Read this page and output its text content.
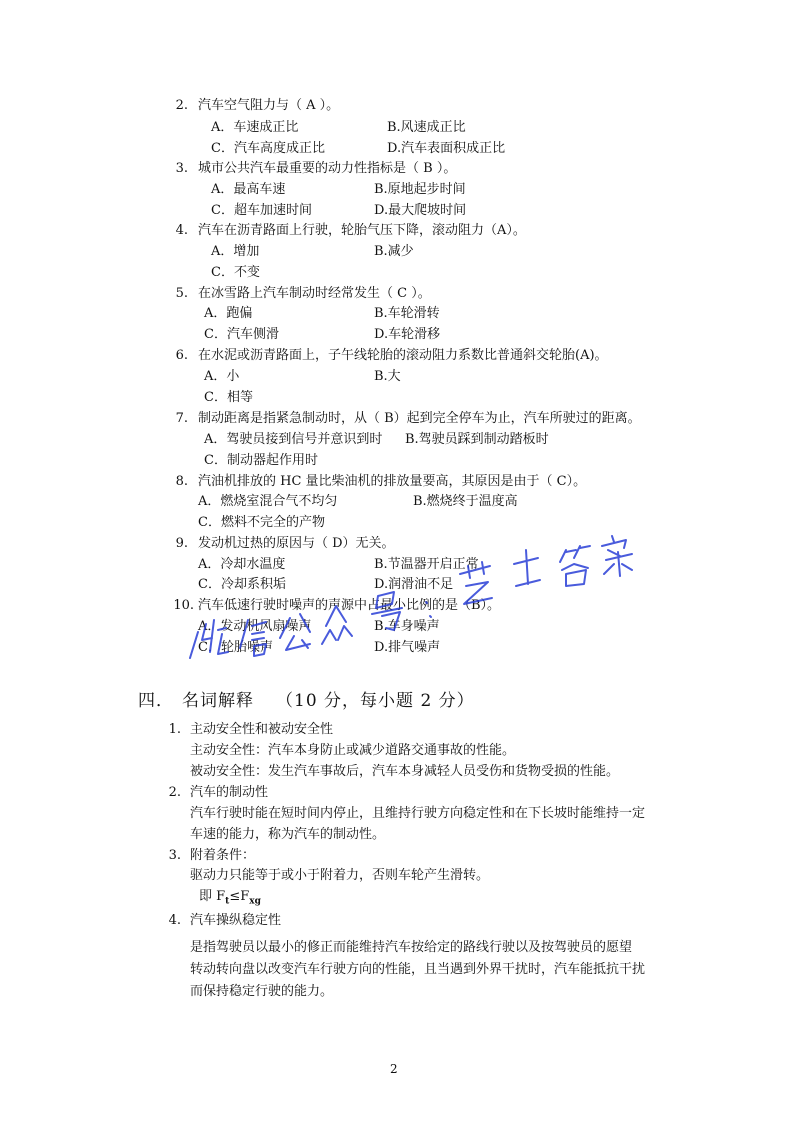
2. 汽车空气阻力与（ A ）。
A．车速成正比	B.风速成正比
C．汽车高度成正比	D.汽车表面积成正比
3. 城市公共汽车最重要的动力性指标是（ B ）。
A．最高车速	B.原地起步时间
C．超车加速时间	D.最大爬坡时间
4. 汽车在沥青路面上行驶，轮胎气压下降，滚动阻力（A）。
A．增加	B.减少
C．不变
5. 在冰雪路上汽车制动时经常发生（ C ）。
A．跑偏	B.车轮滑转
C．汽车侧滑	D.车轮滑移
6. 在水泥或沥青路面上，子午线轮胎的滚动阻力系数比普通斜交轮胎(A)。
A．小	B.大
C．相等
7. 制动距离是指紧急制动时，从（ B）起到完全停车为止，汽车所驶过的距离。
A．驾驶员接到信号并意识到时 B.驾驶员踩到制动踏板时
C．制动器起作用时
8. 汽油机排放的 HC 量比柴油机的排放量要高，其原因是由于（ C）。
A．燃烧室混合气不均匀	B.燃烧终于温度高
C．燃料不完全的产物
9. 发动机过热的原因与（ D）无关。
A．冷却水温度	B.节温器开启正常
C．冷却系积垢	D.润滑油不足
10. 汽车低速行驶时噪声的声源中占最小比例的是（B）。
A．发动机风扇噪声	B.车身噪声
C．轮胎噪声	D.排气噪声
四． 名词解释 （10 分，每小题 2 分）
1. 主动安全性和被动安全性
主动安全性：汽车本身防止或减少道路交通事故的性能。
被动安全性：发生汽车事故后，汽车本身减轻人员受伤和货物受损的性能。
2. 汽车的制动性
汽车行驶时能在短时间内停止，且维持行驶方向稳定性和在下长坡时能维持一定
车速的能力，称为汽车的制动性。
3. 附着条件：
驱动力只能等于或小于附着力，否则车轮产生滑转。
即 $F_t\le F_{xg}$
4. 汽车操纵稳定性
是指驾驶员以最小的修正而能维持汽车按给定的路线行驶以及按驾驶员的愿望
转动转向盘以改变汽车行驶方向的性能，且当遇到外界干扰时，汽车能抵抗干扰
而保持稳定行驶的能力。
2
